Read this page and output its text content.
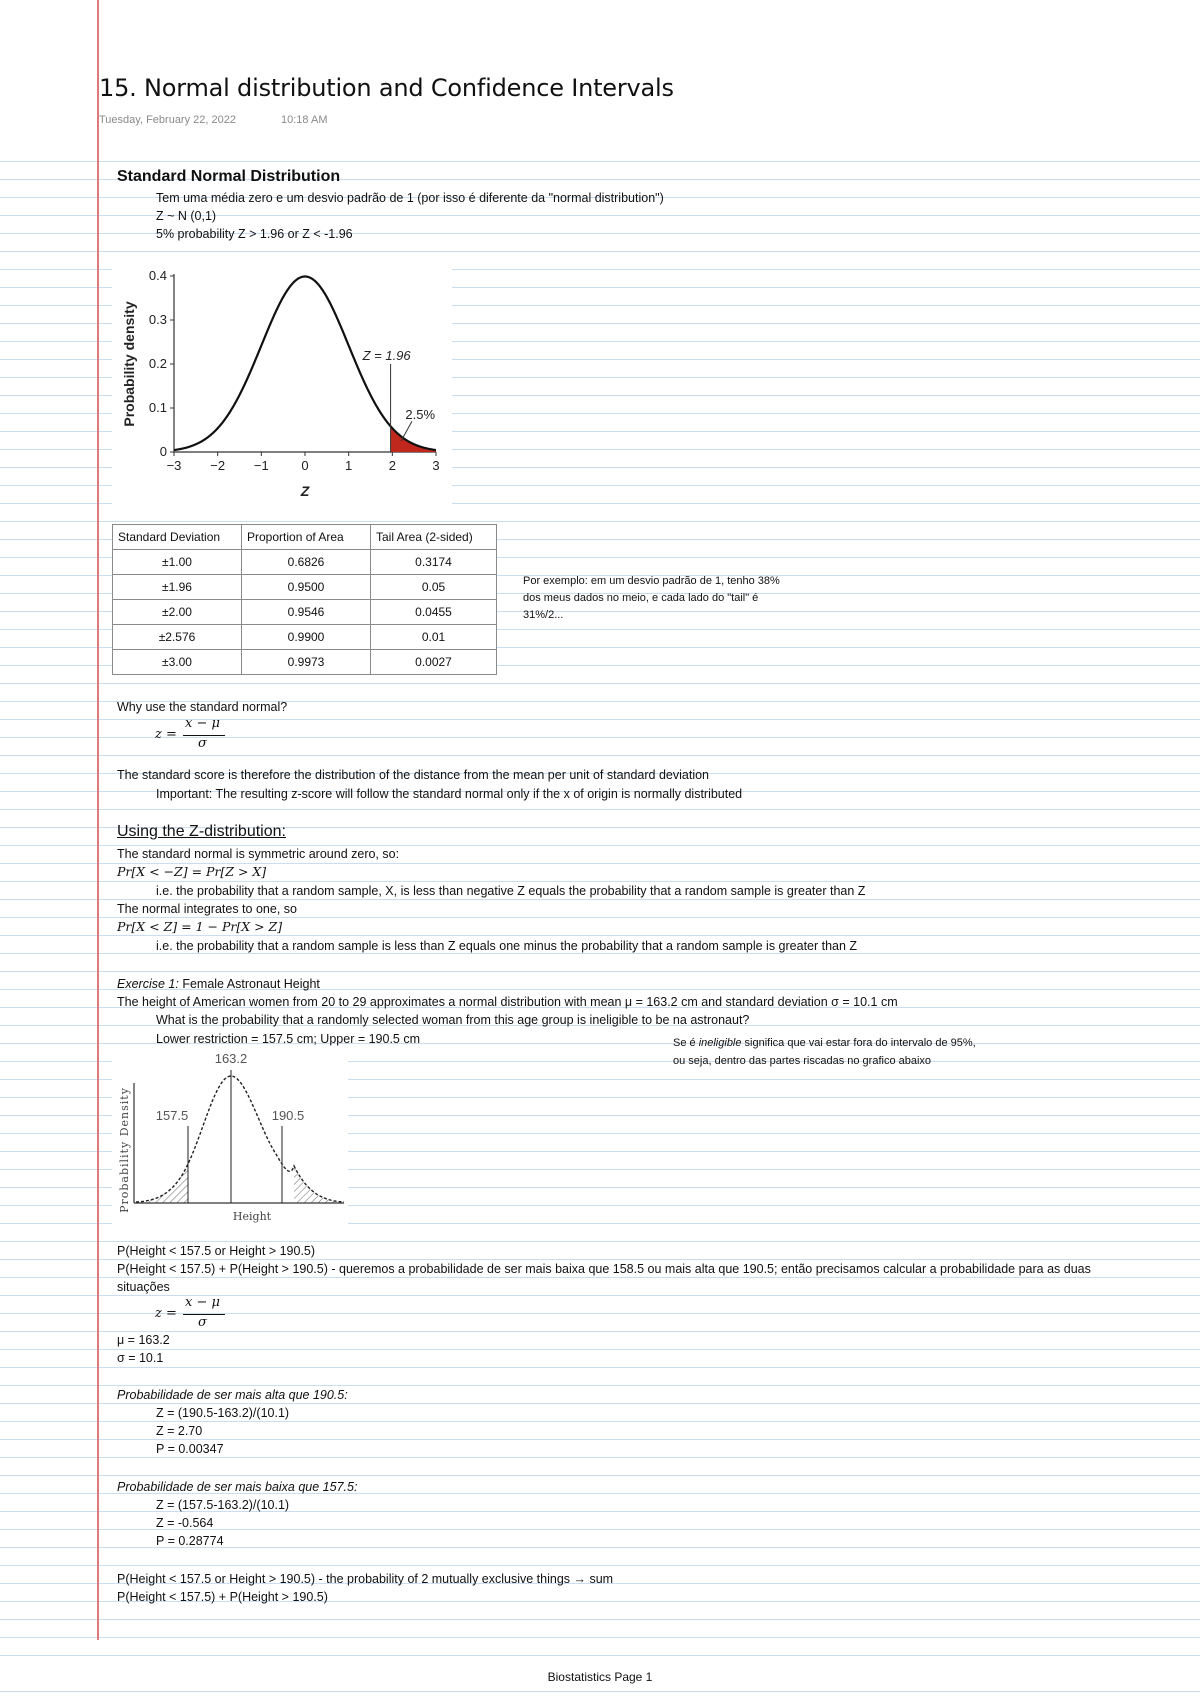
15. Normal distribution and Confidence Intervals
Tuesday, February 22, 2022	10:18 AM
Standard Normal Distribution
Tem uma média zero e um desvio padrão de 1 (por isso é diferente da "normal distribution")
Z ~ N (0,1)
5% probability Z > 1.96 or Z < -1.96
−3 −2 −1	0	1	2	3
0
0.1
0.2
0.3
0.4
Z
Probability density	Z = 1.96
2.5%
Standard Deviation	Proportion of Area	Tail Area (2-sided)
±1.00	0.6826	0.3174
±1.96	0.9500	0.05
±2.00	0.9546	0.0455
±2.576	0.9900	0.01
±3.00	0.9973	0.0027
Por exemplo: em um desvio padrão de 1, tenho 38%
dos meus dados no meio, e cada lado do "tail" é
31%/2...
Why use the standard normal?
z =
x − μ
σ
The standard score is therefore the distribution of the distance from the mean per unit of standard deviation
Important: The resulting z-score will follow the standard normal only if the x of origin is normally distributed
Using the Z-distribution:
The standard normal is symmetric around zero, so:
Pr[X < −Z] = Pr[Z > X]
i.e. the probability that a random sample, X, is less than negative Z equals the probability that a random sample is greater than Z
The normal integrates to one, so
Pr[X < Z] = 1 − Pr[X > Z]
i.e. the probability that a random sample is less than Z equals one minus the probability that a random sample is greater than Z
Exercise 1: Female Astronaut Height
The height of American women from 20 to 29 approximates a normal distribution with mean μ = 163.2 cm and standard deviation σ = 10.1 cm
What is the probability that a randomly selected woman from this age group is ineligible to be na astronaut?
Lower restriction = 157.5 cm; Upper = 190.5 cm	Se é ineligible significa que vai estar fora do intervalo de 95%,
ou seja, dentro das partes riscadas no grafico abaixo
163.2
157.5	190.5
Probability Density
Height
P(Height < 157.5 or Height > 190.5)
P(Height < 157.5) + P(Height > 190.5) - queremos a probabilidade de ser mais baixa que 158.5 ou mais alta que 190.5; então precisamos calcular a probabilidade para as duas
situações
z =
x − μ
σ
μ = 163.2
σ = 10.1
Probabilidade de ser mais alta que 190.5:
Z = (190.5-163.2)/(10.1)
Z = 2.70
P = 0.00347
Probabilidade de ser mais baixa que 157.5:
Z = (157.5-163.2)/(10.1)
Z = -0.564
P = 0.28774
P(Height < 157.5 or Height > 190.5) - the probability of 2 mutually exclusive things → sum
P(Height < 157.5) + P(Height > 190.5)
Biostatistics Page 1
